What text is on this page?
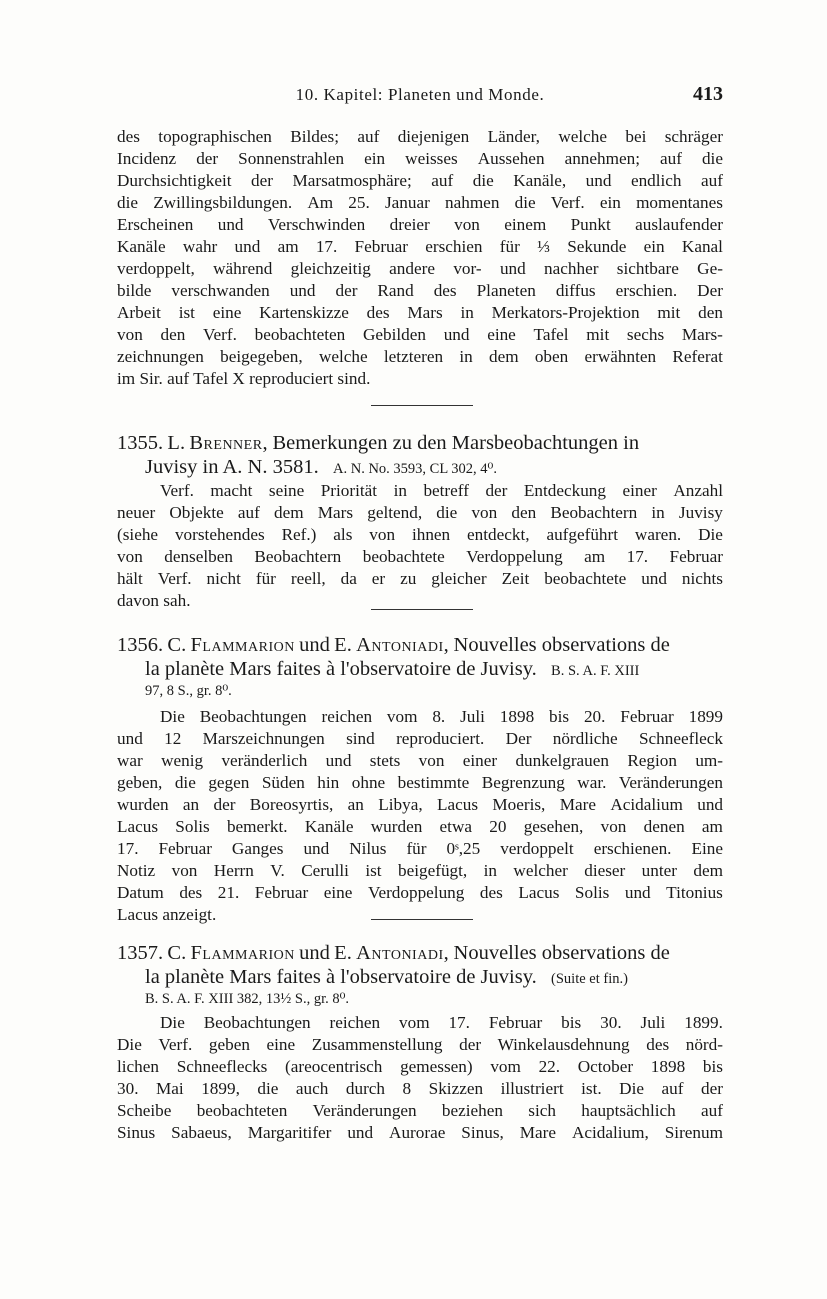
10. Kapitel: Planeten und Monde.	413
des topographischen Bildes; auf diejenigen Länder, welche bei schräger
Incidenz der Sonnenstrahlen ein weisses Aussehen annehmen; auf die
Durchsichtigkeit der Marsatmosphäre; auf die Kanäle, und endlich auf
die Zwillingsbildungen. Am 25. Januar nahmen die Verf. ein momentanes
Erscheinen und Verschwinden dreier von einem Punkt auslaufender
Kanäle wahr und am 17. Februar erschien für ⅓ Sekunde ein Kanal
verdoppelt, während gleichzeitig andere vor- und nachher sichtbare Ge-
bilde verschwanden und der Rand des Planeten diffus erschien. Der
Arbeit ist eine Kartenskizze des Mars in Merkators-Projektion mit den
von den Verf. beobachteten Gebilden und eine Tafel mit sechs Mars-
zeichnungen beigegeben, welche letzteren in dem oben erwähnten Referat
im Sir. auf Tafel X reproduciert sind.
1355. L. Brenner, Bemerkungen zu den Marsbeobachtungen in
Juvisy in A. N. 3581. A. N. No. 3593, CL 302, 4⁰.
Verf. macht seine Priorität in betreff der Entdeckung einer Anzahl
neuer Objekte auf dem Mars geltend, die von den Beobachtern in Juvisy
(siehe vorstehendes Ref.) als von ihnen entdeckt, aufgeführt waren. Die
von denselben Beobachtern beobachtete Verdoppelung am 17. Februar
hält Verf. nicht für reell, da er zu gleicher Zeit beobachtete und nichts
davon sah.
1356. C. Flammarion und E. Antoniadi, Nouvelles observations de
la planète Mars faites à l'observatoire de Juvisy. B. S. A. F. XIII
97, 8 S., gr. 8⁰.
Die Beobachtungen reichen vom 8. Juli 1898 bis 20. Februar 1899
und 12 Marszeichnungen sind reproduciert. Der nördliche Schneefleck
war wenig veränderlich und stets von einer dunkelgrauen Region um-
geben, die gegen Süden hin ohne bestimmte Begrenzung war. Veränderungen
wurden an der Boreosyrtis, an Libya, Lacus Moeris, Mare Acidalium und
Lacus Solis bemerkt. Kanäle wurden etwa 20 gesehen, von denen am
17. Februar Ganges und Nilus für 0ˢ,25 verdoppelt erschienen. Eine
Notiz von Herrn V. Cerulli ist beigefügt, in welcher dieser unter dem
Datum des 21. Februar eine Verdoppelung des Lacus Solis und Titonius
Lacus anzeigt.
1357. C. Flammarion und E. Antoniadi, Nouvelles observations de
la planète Mars faites à l'observatoire de Juvisy. (Suite et fin.)
B. S. A. F. XIII 382, 13½ S., gr. 8⁰.
Die Beobachtungen reichen vom 17. Februar bis 30. Juli 1899.
Die Verf. geben eine Zusammenstellung der Winkelausdehnung des nörd-
lichen Schneeflecks (areocentrisch gemessen) vom 22. October 1898 bis
30. Mai 1899, die auch durch 8 Skizzen illustriert ist. Die auf der
Scheibe beobachteten Veränderungen beziehen sich hauptsächlich auf
Sinus Sabaeus, Margaritifer und Aurorae Sinus, Mare Acidalium, Sirenum
